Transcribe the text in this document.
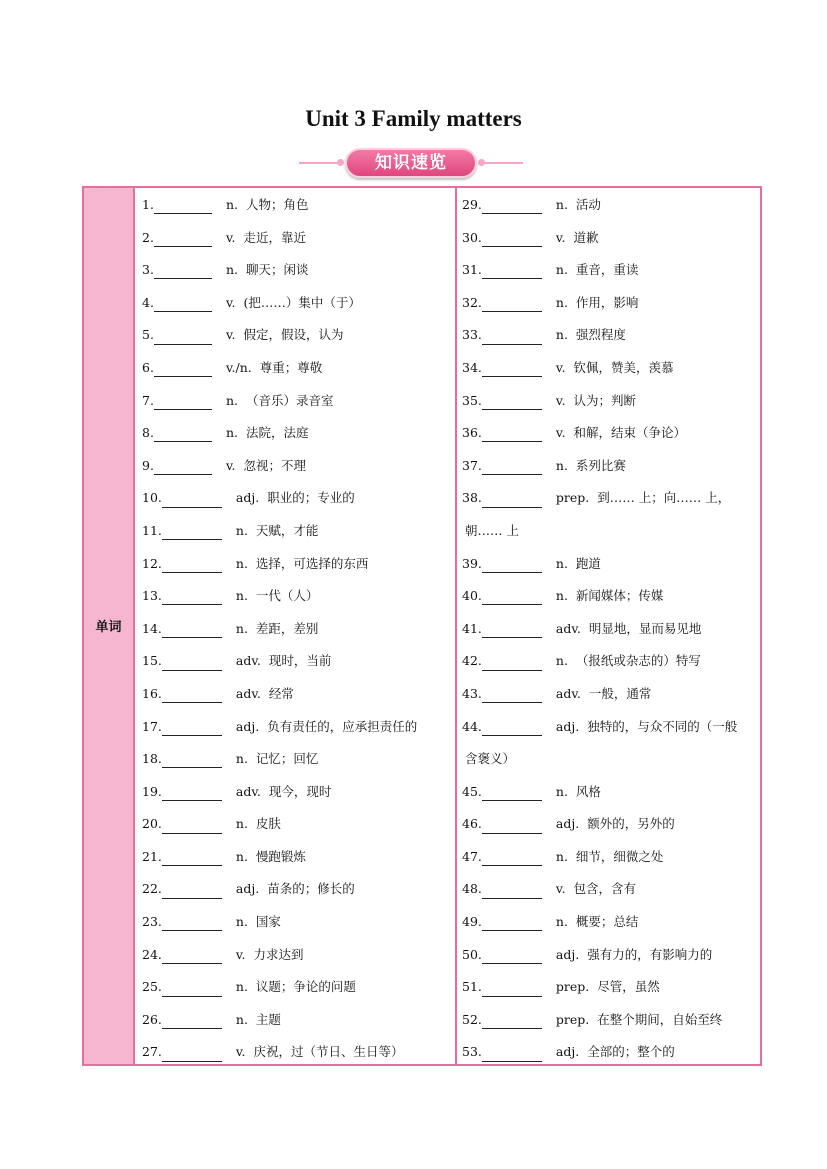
Unit 3 Family matters
知识速览
单词
1.	n. 人物；角色
2.	v. 走近，靠近
3.	n. 聊天；闲谈
4.	v. (把……）集中（于）
5.	v. 假定，假设，认为
6.	v./n. 尊重；尊敬
7.	n. （音乐）录音室
8.	n. 法院，法庭
9.	v. 忽视；不理
10.	adj. 职业的；专业的
11.	n. 天赋，才能
12.	n. 选择，可选择的东西
13.	n. 一代（人）
14.	n. 差距，差别
15.	adv. 现时，当前
16.	adv. 经常
17.	adj. 负有责任的，应承担责任的
18.	n. 记忆；回忆
19.	adv. 现今，现时
20.	n. 皮肤
21.	n. 慢跑锻炼
22.	adj. 苗条的；修长的
23.	n. 国家
24.	v. 力求达到
25.	n. 议题；争论的问题
26.	n. 主题
27.	v. 庆祝，过（节日、生日等）
29.	n. 活动
30.	v. 道歉
31.	n. 重音，重读
32.	n. 作用，影响
33.	n. 强烈程度
34.	v. 钦佩，赞美，羡慕
35.	v. 认为；判断
36.	v. 和解，结束（争论）
37.	n. 系列比赛
38.	prep. 到…… 上；向…… 上，
朝…… 上
39.	n. 跑道
40.	n. 新闻媒体；传媒
41.	adv. 明显地，显而易见地
42.	n. （报纸或杂志的）特写
43.	adv. 一般，通常
44.	adj. 独特的，与众不同的（一般
含褒义）
45.	n. 风格
46.	adj. 额外的，另外的
47.	n. 细节，细微之处
48.	v. 包含，含有
49.	n. 概要；总结
50.	adj. 强有力的，有影响力的
51.	prep. 尽管，虽然
52.	prep. 在整个期间，自始至终
53.	adj. 全部的；整个的
